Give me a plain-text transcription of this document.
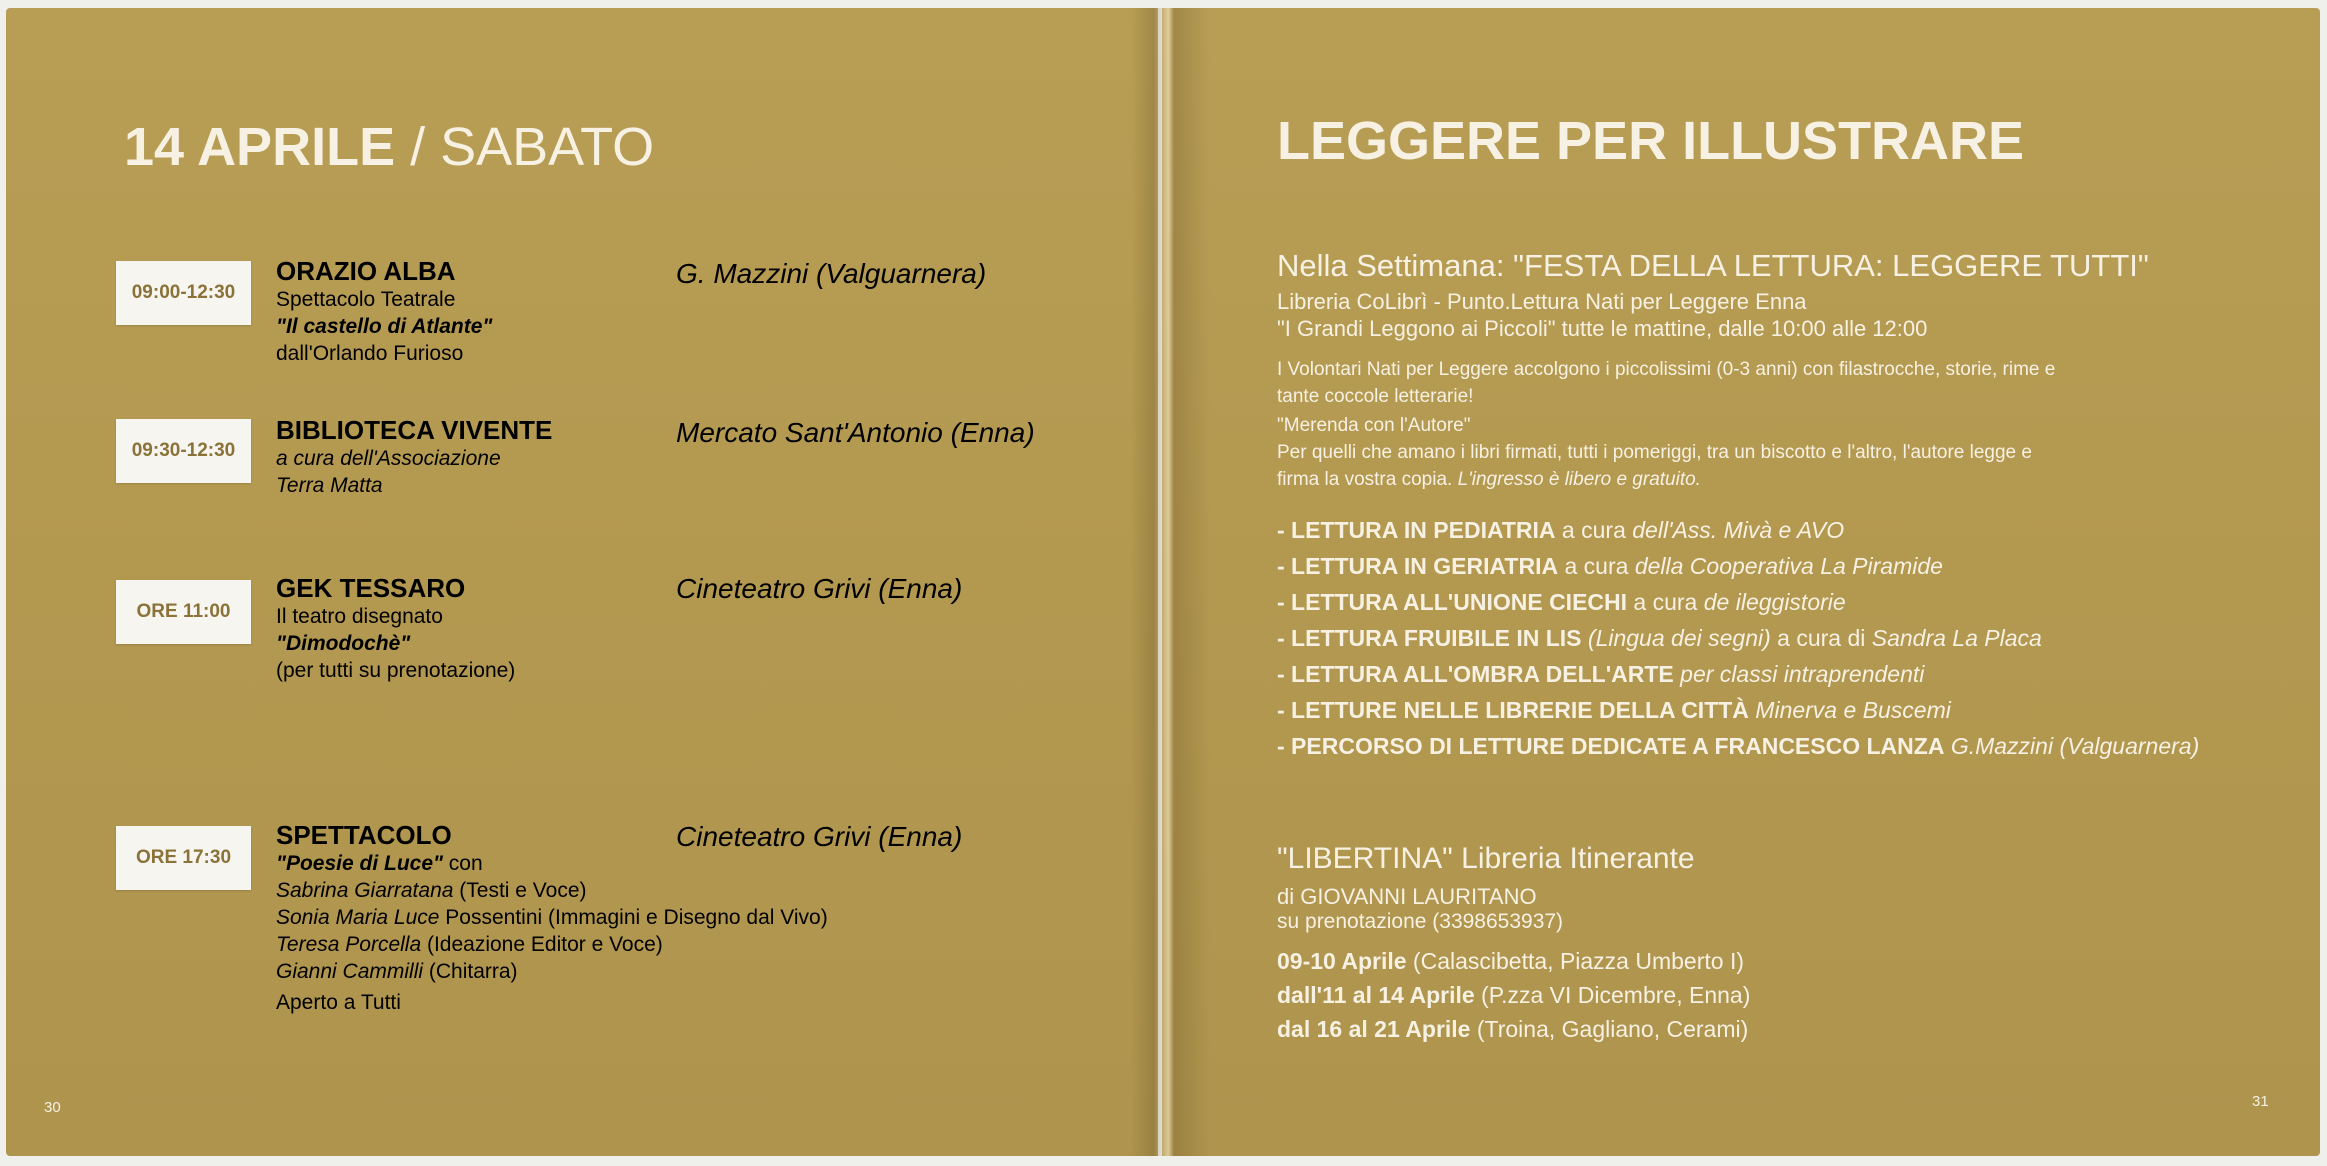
14 APRILE / SABATO
09:00-12:30
ORAZIO ALBA
Spettacolo Teatrale
"Il castello di Atlante"
dall'Orlando Furioso
G. Mazzini (Valguarnera)
09:30-12:30
BIBLIOTECA VIVENTE
a cura dell'Associazione
Terra Matta
Mercato Sant'Antonio (Enna)
ORE 11:00
GEK TESSARO
Il teatro disegnato
"Dimodochè"
(per tutti su prenotazione)
Cineteatro Grivi (Enna)
ORE 17:30
SPETTACOLO
"Poesie di Luce" con
Sabrina Giarratana (Testi e Voce)
Sonia Maria Luce Possentini (Immagini e Disegno dal Vivo)
Teresa Porcella (Ideazione Editor e Voce)
Gianni Cammilli (Chitarra)
Aperto a Tutti
Cineteatro Grivi (Enna)
30
LEGGERE PER ILLUSTRARE
Nella Settimana: "FESTA DELLA LETTURA: LEGGERE TUTTI"
Libreria CoLibrì - Punto.Lettura Nati per Leggere Enna
"I Grandi Leggono ai Piccoli" tutte le mattine, dalle 10:00 alle 12:00
I Volontari Nati per Leggere accolgono i piccolissimi (0-3 anni) con filastrocche, storie, rime e
tante coccole letterarie!
"Merenda con l'Autore"
Per quelli che amano i libri firmati, tutti i pomeriggi, tra un biscotto e l'altro, l'autore legge e
firma la vostra copia. L'ingresso è libero e gratuito.
- LETTURA IN PEDIATRIA a cura dell'Ass. Mivà e AVO
- LETTURA IN GERIATRIA a cura della Cooperativa La Piramide
- LETTURA ALL'UNIONE CIECHI a cura de ileggistorie
- LETTURA FRUIBILE IN LIS (Lingua dei segni) a cura di Sandra La Placa
- LETTURA ALL'OMBRA DELL'ARTE per classi intraprendenti
- LETTURE NELLE LIBRERIE DELLA CITTÀ Minerva e Buscemi
- PERCORSO DI LETTURE DEDICATE A FRANCESCO LANZA G.Mazzini (Valguarnera)
"LIBERTINA" Libreria Itinerante
di GIOVANNI LAURITANO
su prenotazione (3398653937)
09-10 Aprile (Calascibetta, Piazza Umberto I)
dall'11 al 14 Aprile (P.zza VI Dicembre, Enna)
dal 16 al 21 Aprile (Troina, Gagliano, Cerami)
31
